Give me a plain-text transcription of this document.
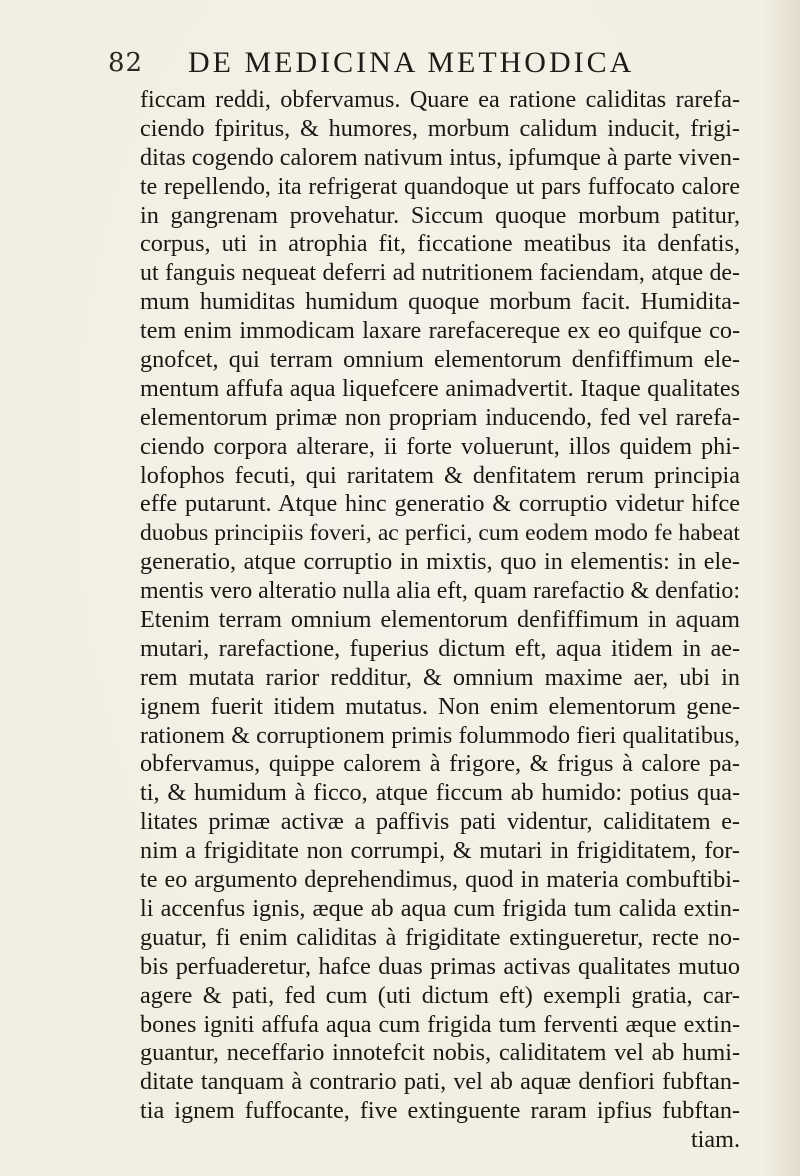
82 DE MEDICINA METHODICA
ficcam reddi, obfervamus. Quare ea ratione caliditas rarefa-
ciendo fpiritus, & humores, morbum calidum inducit, frigi-
ditas cogendo calorem nativum intus, ipfumque à parte viven-
te repellendo, ita refrigerat quandoque ut pars fuffocato calore
in gangrenam provehatur. Siccum quoque morbum patitur,
corpus, uti in atrophia fit, ficcatione meatibus ita denfatis,
ut fanguis nequeat deferri ad nutritionem faciendam, atque de-
mum humiditas humidum quoque morbum facit. Humidita-
tem enim immodicam laxare rarefacereque ex eo quifque co-
gnofcet, qui terram omnium elementorum denfiffimum ele-
mentum affufa aqua liquefcere animadvertit. Itaque qualitates
elementorum primæ non propriam inducendo, fed vel rarefa-
ciendo corpora alterare, ii forte voluerunt, illos quidem phi-
lofophos fecuti, qui raritatem & denfitatem rerum principia
effe putarunt. Atque hinc generatio & corruptio videtur hifce
duobus principiis foveri, ac perfici, cum eodem modo fe habeat
generatio, atque corruptio in mixtis, quo in elementis: in ele-
mentis vero alteratio nulla alia eft, quam rarefactio & denfatio:
Etenim terram omnium elementorum denfiffimum in aquam
mutari, rarefactione, fuperius dictum eft, aqua itidem in ae-
rem mutata rarior redditur, & omnium maxime aer, ubi in
ignem fuerit itidem mutatus. Non enim elementorum gene-
rationem & corruptionem primis folummodo fieri qualitatibus,
obfervamus, quippe calorem à frigore, & frigus à calore pa-
ti, & humidum à ficco, atque ficcum ab humido: potius qua-
litates primæ activæ a paffivis pati videntur, caliditatem e-
nim a frigiditate non corrumpi, & mutari in frigiditatem, for-
te eo argumento deprehendimus, quod in materia combuftibi-
li accenfus ignis, æque ab aqua cum frigida tum calida extin-
guatur, fi enim caliditas à frigiditate extingueretur, recte no-
bis perfuaderetur, hafce duas primas activas qualitates mutuo
agere & pati, fed cum (uti dictum eft) exempli gratia, car-
bones igniti affufa aqua cum frigida tum ferventi æque extin-
guantur, neceffario innotefcit nobis, caliditatem vel ab humi-
ditate tanquam à contrario pati, vel ab aquæ denfiori fubftan-
tia ignem fuffocante, five extinguente raram ipfius fubftan-
tiam.
